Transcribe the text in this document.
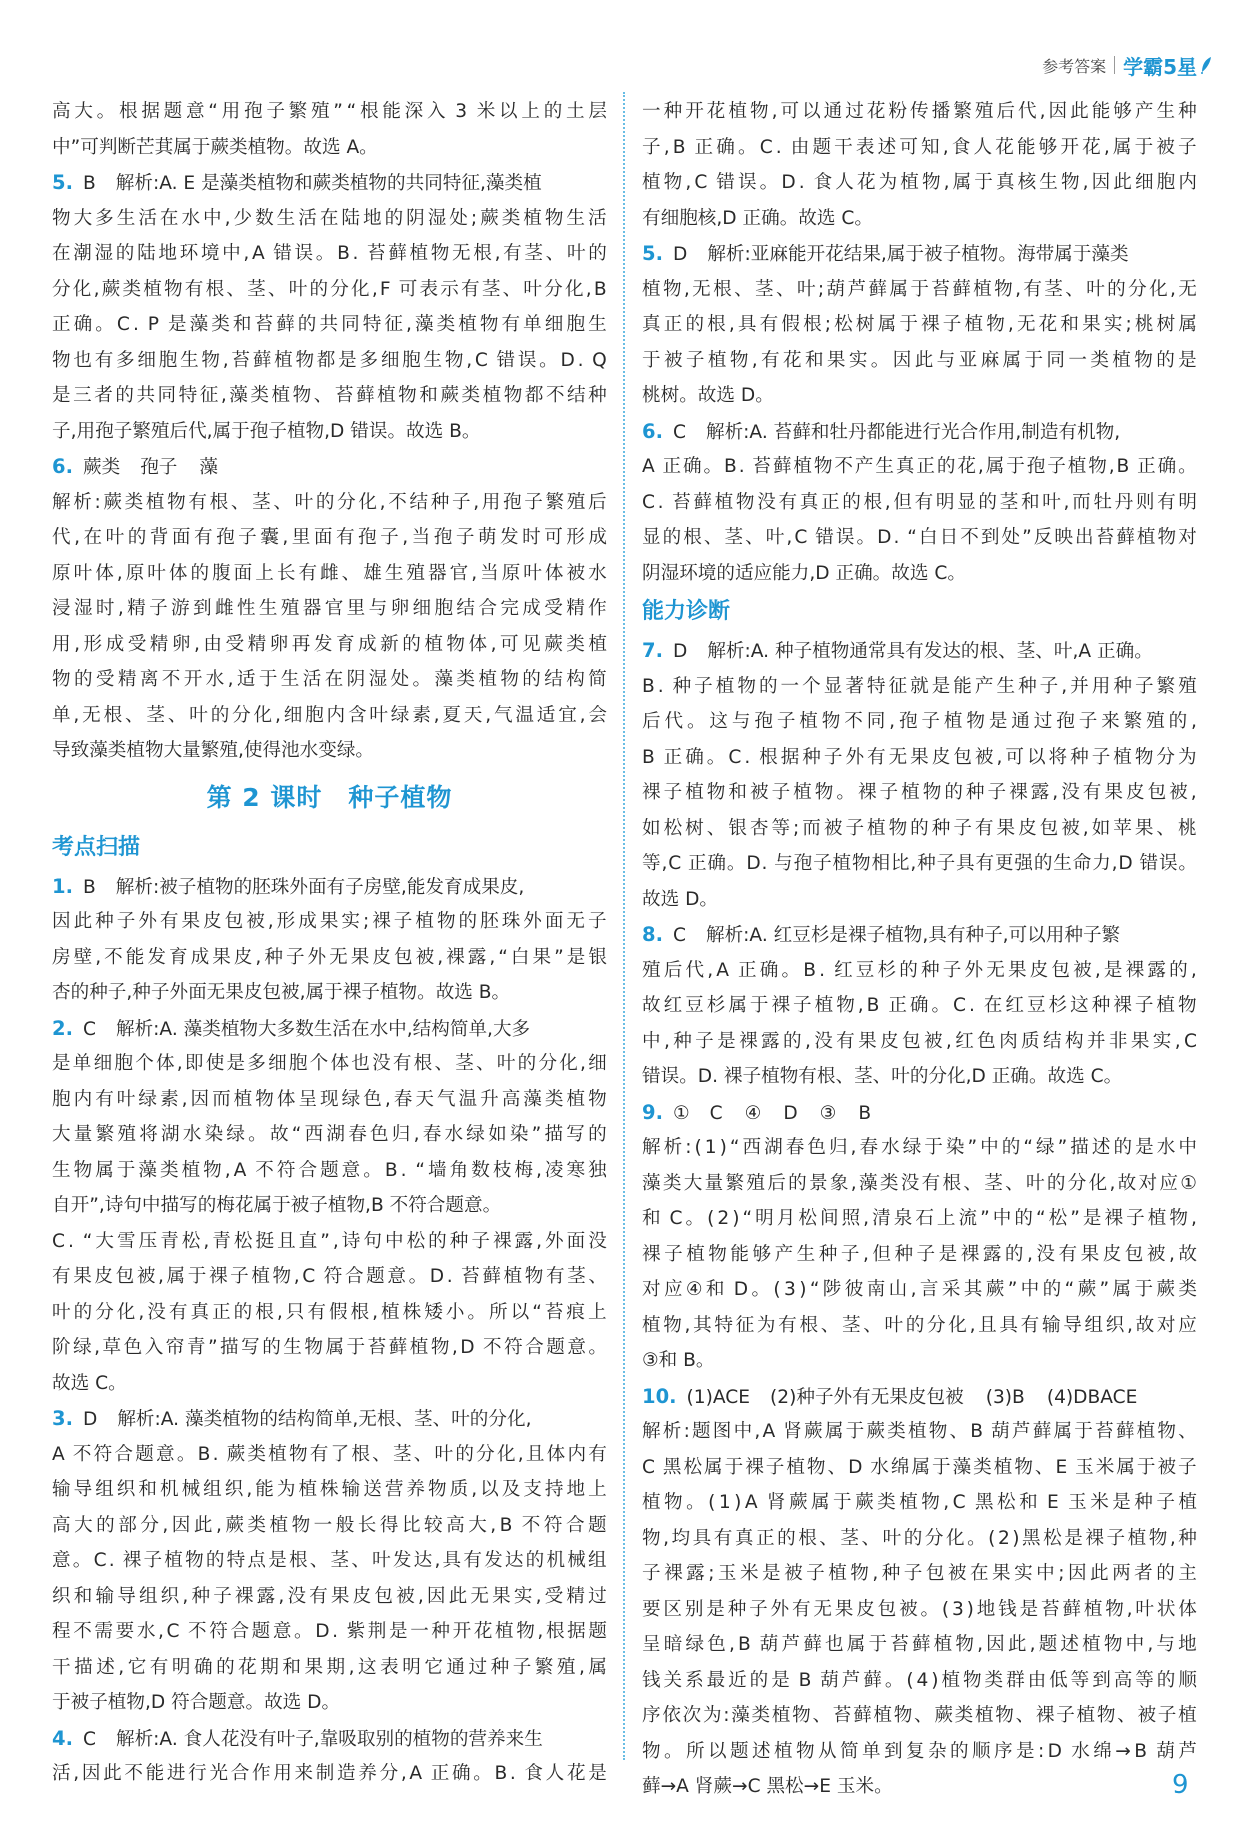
参考答案 学霸5星
高 大 。 根 据 题 意 “ 用 孢 子 繁 殖 ” “ 根 能 深 入 3 米 以 上 的 土 层
中”可判断芒萁属于蕨类植物。故选 A。
5. B 解析:A. E 是藻类植物和蕨类植物的共同特征,藻类植
物 大 多 生 活 在 水 中 , 少 数 生 活 在 陆 地 的 阴 湿 处 ; 蕨 类 植 物 生 活
在 潮 湿 的 陆 地 环 境 中 , A 错 误 。 B . 苔 藓 植 物 无 根 , 有 茎 、 叶 的
分 化 , 蕨 类 植 物 有 根 、 茎 、 叶 的 分 化 , F 可 表 示 有 茎 、 叶 分 化 , B
正 确 。 C . P 是 藻 类 和 苔 藓 的 共 同 特 征 , 藻 类 植 物 有 单 细 胞 生
物 也 有 多 细 胞 生 物 , 苔 藓 植 物 都 是 多 细 胞 生 物 , C 错 误 。 D . Q
是 三 者 的 共 同 特 征 , 藻 类 植 物 、 苔 藓 植 物 和 蕨 类 植 物 都 不 结 种
子,用孢子繁殖后代,属于孢子植物,D 错误。故选 B。
6. 蕨类 孢子 藻
解 析 : 蕨 类 植 物 有 根 、 茎 、 叶 的 分 化 , 不 结 种 子 , 用 孢 子 繁 殖 后
代 , 在 叶 的 背 面 有 孢 子 囊 , 里 面 有 孢 子 , 当 孢 子 萌 发 时 可 形 成
原 叶 体 , 原 叶 体 的 腹 面 上 长 有 雌 、 雄 生 殖 器 官 , 当 原 叶 体 被 水
浸 湿 时 , 精 子 游 到 雌 性 生 殖 器 官 里 与 卵 细 胞 结 合 完 成 受 精 作
用 , 形 成 受 精 卵 , 由 受 精 卵 再 发 育 成 新 的 植 物 体 , 可 见 蕨 类 植
物 的 受 精 离 不 开 水 , 适 于 生 活 在 阴 湿 处 。 藻 类 植 物 的 结 构 简
单 , 无 根 、 茎 、 叶 的 分 化 , 细 胞 内 含 叶 绿 素 , 夏 天 , 气 温 适 宜 , 会
导致藻类植物大量繁殖,使得池水变绿。
第 2 课时 种子植物
考点扫描
1. B 解析:被子植物的胚珠外面有子房壁,能发育成果皮,
因 此 种 子 外 有 果 皮 包 被 , 形 成 果 实 ; 裸 子 植 物 的 胚 珠 外 面 无 子
房 壁 , 不 能 发 育 成 果 皮 , 种 子 外 无 果 皮 包 被 , 裸 露 , “ 白 果 ” 是 银
杏的种子,种子外面无果皮包被,属于裸子植物。故选 B。
2. C 解析:A. 藻类植物大多数生活在水中,结构简单,大多
是 单 细 胞 个 体 , 即 使 是 多 细 胞 个 体 也 没 有 根 、 茎 、 叶 的 分 化 , 细
胞 内 有 叶 绿 素 , 因 而 植 物 体 呈 现 绿 色 , 春 天 气 温 升 高 藻 类 植 物
大 量 繁 殖 将 湖 水 染 绿 。 故 “ 西 湖 春 色 归 , 春 水 绿 如 染 ” 描 写 的
生 物 属 于 藻 类 植 物 , A 不 符 合 题 意 。 B . “ 墙 角 数 枝 梅 , 凌 寒 独
自开”,诗句中描写的梅花属于被子植物,B 不符合题意。
C . “ 大 雪 压 青 松 , 青 松 挺 且 直 ” , 诗 句 中 松 的 种 子 裸 露 , 外 面 没
有 果 皮 包 被 , 属 于 裸 子 植 物 , C 符 合 题 意 。 D . 苔 藓 植 物 有 茎 、
叶 的 分 化 , 没 有 真 正 的 根 , 只 有 假 根 , 植 株 矮 小 。 所 以 “ 苔 痕 上
阶 绿 , 草 色 入 帘 青 ” 描 写 的 生 物 属 于 苔 藓 植 物 , D 不 符 合 题 意 。
故选 C。
3. D 解析:A. 藻类植物的结构简单,无根、茎、叶的分化,
A 不 符 合 题 意 。 B . 蕨 类 植 物 有 了 根 、 茎 、 叶 的 分 化 , 且 体 内 有
输 导 组 织 和 机 械 组 织 , 能 为 植 株 输 送 营 养 物 质 , 以 及 支 持 地 上
高 大 的 部 分 , 因 此 , 蕨 类 植 物 一 般 长 得 比 较 高 大 , B 不 符 合 题
意 。 C . 裸 子 植 物 的 特 点 是 根 、 茎 、 叶 发 达 , 具 有 发 达 的 机 械 组
织 和 输 导 组 织 , 种 子 裸 露 , 没 有 果 皮 包 被 , 因 此 无 果 实 , 受 精 过
程 不 需 要 水 , C 不 符 合 题 意 。 D . 紫 荆 是 一 种 开 花 植 物 , 根 据 题
干 描 述 , 它 有 明 确 的 花 期 和 果 期 , 这 表 明 它 通 过 种 子 繁 殖 , 属
于被子植物,D 符合题意。故选 D。
4. C 解析:A. 食人花没有叶子,靠吸取别的植物的营养来生
活 , 因 此 不 能 进 行 光 合 作 用 来 制 造 养 分 , A 正 确 。 B . 食 人 花 是
一 种 开 花 植 物 , 可 以 通 过 花 粉 传 播 繁 殖 后 代 , 因 此 能 够 产 生 种
子 , B 正 确 。 C . 由 题 干 表 述 可 知 , 食 人 花 能 够 开 花 , 属 于 被 子
植 物 , C 错 误 。 D . 食 人 花 为 植 物 , 属 于 真 核 生 物 , 因 此 细 胞 内
有细胞核,D 正确。故选 C。
5. D 解析:亚麻能开花结果,属于被子植物。海带属于藻类
植 物 , 无 根 、 茎 、 叶 ; 葫 芦 藓 属 于 苔 藓 植 物 , 有 茎 、 叶 的 分 化 , 无
真 正 的 根 , 具 有 假 根 ; 松 树 属 于 裸 子 植 物 , 无 花 和 果 实 ; 桃 树 属
于 被 子 植 物 , 有 花 和 果 实 。 因 此 与 亚 麻 属 于 同 一 类 植 物 的 是
桃树。故选 D。
6. C 解析:A. 苔藓和牡丹都能进行光合作用,制造有机物,
A 正 确 。 B . 苔 藓 植 物 不 产 生 真 正 的 花 , 属 于 孢 子 植 物 , B 正 确 。
C . 苔 藓 植 物 没 有 真 正 的 根 , 但 有 明 显 的 茎 和 叶 , 而 牡 丹 则 有 明
显 的 根 、 茎 、 叶 , C 错 误 。 D . “ 白 日 不 到 处 ” 反 映 出 苔 藓 植 物 对
阴湿环境的适应能力,D 正确。故选 C。
能力诊断
7. D 解析:A. 种子植物通常具有发达的根、茎、叶,A 正确。
B . 种 子 植 物 的 一 个 显 著 特 征 就 是 能 产 生 种 子 , 并 用 种 子 繁 殖
后 代 。 这 与 孢 子 植 物 不 同 , 孢 子 植 物 是 通 过 孢 子 来 繁 殖 的 ,
B 正 确 。 C . 根 据 种 子 外 有 无 果 皮 包 被 , 可 以 将 种 子 植 物 分 为
裸 子 植 物 和 被 子 植 物 。 裸 子 植 物 的 种 子 裸 露 , 没 有 果 皮 包 被 ,
如 松 树 、 银 杏 等 ; 而 被 子 植 物 的 种 子 有 果 皮 包 被 , 如 苹 果 、 桃
等 , C 正 确 。 D . 与 孢 子 植 物 相 比 , 种 子 具 有 更 强 的 生 命 力 , D 错 误 。
故选 D。
8. C 解析:A. 红豆杉是裸子植物,具有种子,可以用种子繁
殖 后 代 , A 正 确 。 B . 红 豆 杉 的 种 子 外 无 果 皮 包 被 , 是 裸 露 的 ,
故 红 豆 杉 属 于 裸 子 植 物 , B 正 确 。 C . 在 红 豆 杉 这 种 裸 子 植 物
中 , 种 子 是 裸 露 的 , 没 有 果 皮 包 被 , 红 色 肉 质 结 构 并 非 果 实 , C
错误。D. 裸子植物有根、茎、叶的分化,D 正确。故选 C。
9. ① C ④ D ③ B
解 析 : ( 1 ) “ 西 湖 春 色 归 , 春 水 绿 于 染 ” 中 的 “ 绿 ” 描 述 的 是 水 中
藻 类 大 量 繁 殖 后 的 景 象 , 藻 类 没 有 根 、 茎 、 叶 的 分 化 , 故 对 应 ①
和 C 。 ( 2 ) “ 明 月 松 间 照 , 清 泉 石 上 流 ” 中 的 “ 松 ” 是 裸 子 植 物 ,
裸 子 植 物 能 够 产 生 种 子 , 但 种 子 是 裸 露 的 , 没 有 果 皮 包 被 , 故
对 应 ④ 和 D 。 ( 3 ) “ 陟 彼 南 山 , 言 采 其 蕨 ” 中 的 “ 蕨 ” 属 于 蕨 类
植 物 , 其 特 征 为 有 根 、 茎 、 叶 的 分 化 , 且 具 有 输 导 组 织 , 故 对 应
③和 B。
10. (1)ACE (2)种子外有无果皮包被 (3)B (4)DBACE
解 析 : 题 图 中 , A 肾 蕨 属 于 蕨 类 植 物 、 B 葫 芦 藓 属 于 苔 藓 植 物 、
C 黑 松 属 于 裸 子 植 物 、 D 水 绵 属 于 藻 类 植 物 、 E 玉 米 属 于 被 子
植 物 。 ( 1 ) A 肾 蕨 属 于 蕨 类 植 物 , C 黑 松 和 E 玉 米 是 种 子 植
物 , 均 具 有 真 正 的 根 、 茎 、 叶 的 分 化 。 ( 2 ) 黑 松 是 裸 子 植 物 , 种
子 裸 露 ; 玉 米 是 被 子 植 物 , 种 子 包 被 在 果 实 中 ; 因 此 两 者 的 主
要 区 别 是 种 子 外 有 无 果 皮 包 被 。 ( 3 ) 地 钱 是 苔 藓 植 物 , 叶 状 体
呈 暗 绿 色 , B 葫 芦 藓 也 属 于 苔 藓 植 物 , 因 此 , 题 述 植 物 中 , 与 地
钱 关 系 最 近 的 是 B 葫 芦 藓 。 ( 4 ) 植 物 类 群 由 低 等 到 高 等 的 顺
序 依 次 为 : 藻 类 植 物 、 苔 藓 植 物 、 蕨 类 植 物 、 裸 子 植 物 、 被 子 植
物 。 所 以 题 述 植 物 从 简 单 到 复 杂 的 顺 序 是 : D 水 绵 → B 葫 芦
藓→A 肾蕨→C 黑松→E 玉米。	9
